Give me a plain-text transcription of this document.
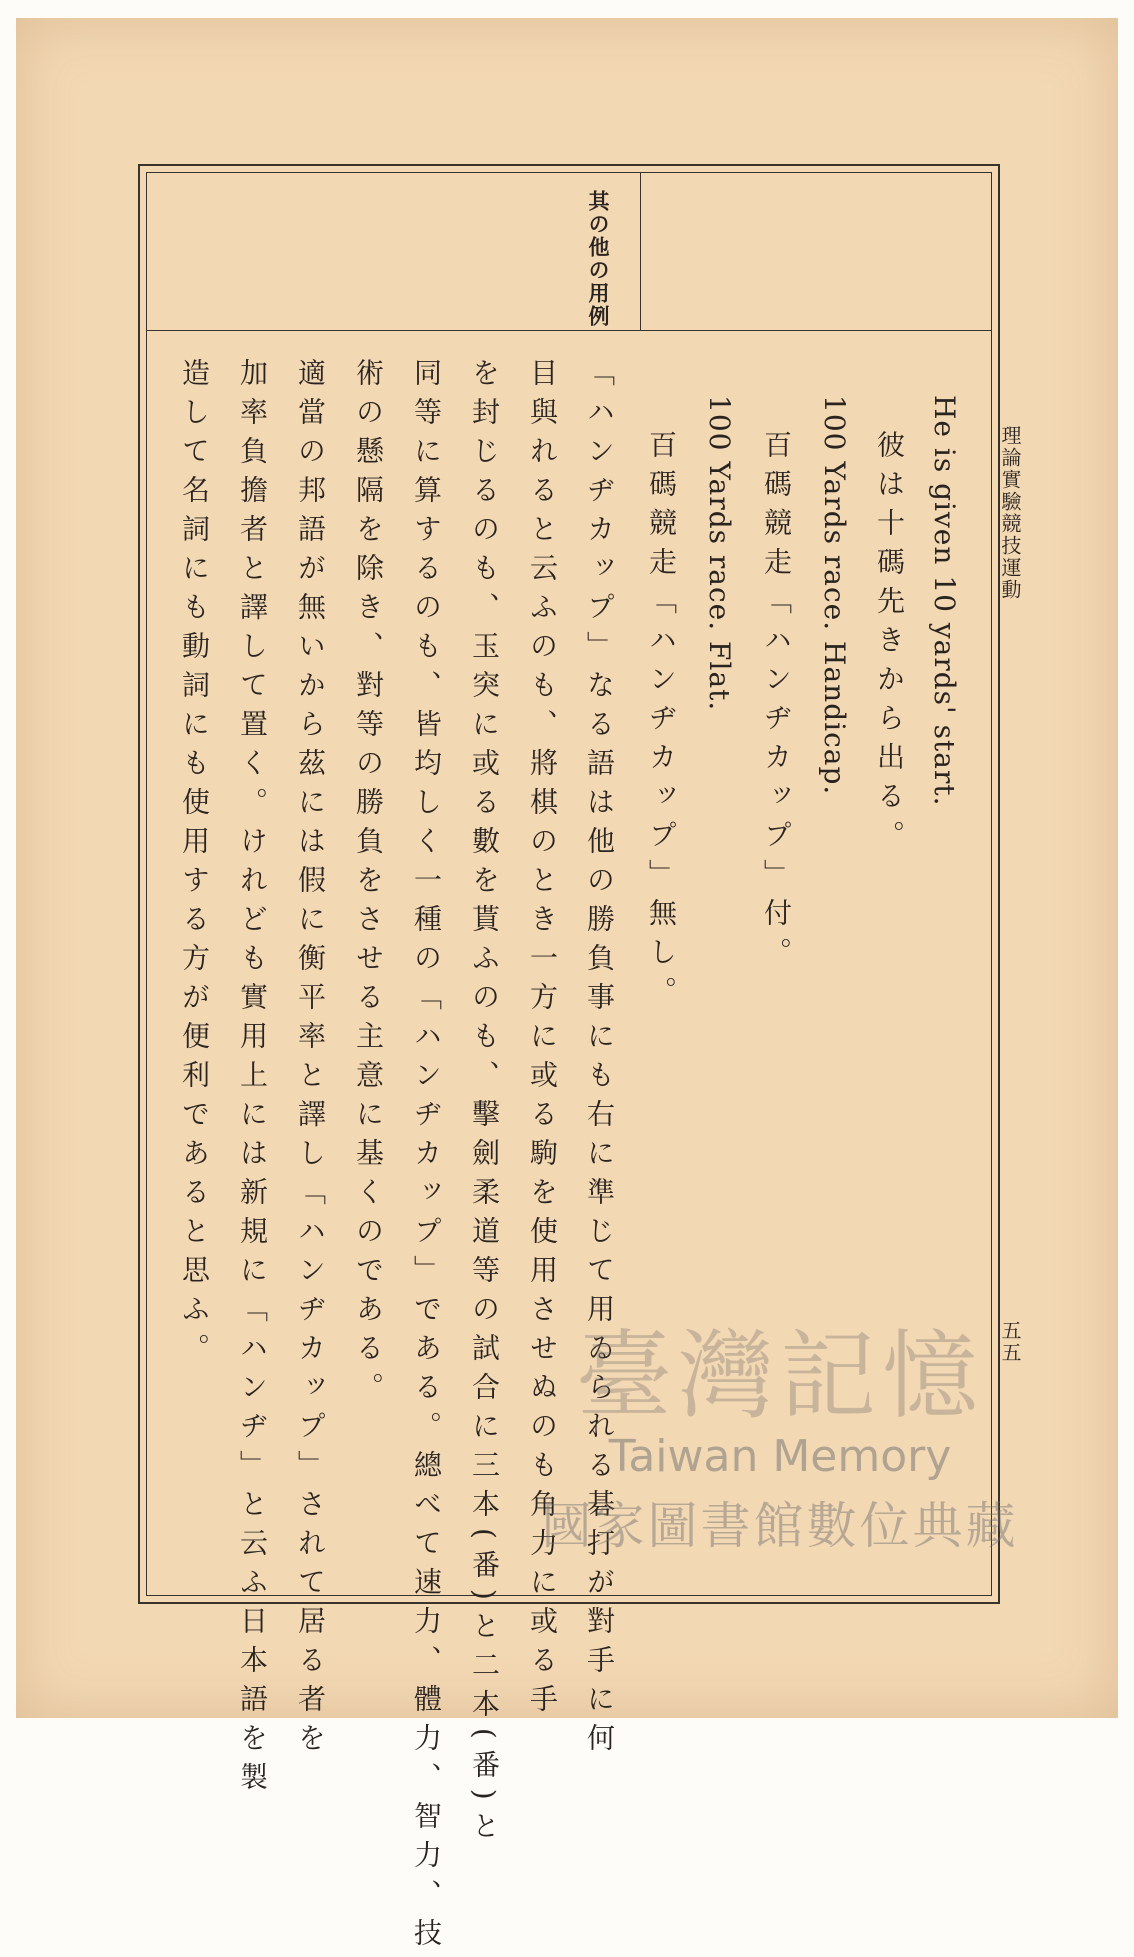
理論實驗競技運動
五五
其の他の用例
He is given 10 yards' start.
彼は十碼先きから出る。
100 Yards race. Handicap.
百碼競走「ハンヂカップ」付。
100 Yards race. Flat.
百碼競走「ハンヂカップ」無し。
「ハンヂカップ」なる語は他の勝負事にも右に準じて用ゐられる碁打が對手に何
目與れると云ふのも、將棋のとき一方に或る駒を使用させぬのも角力に或る手
を封じるのも、玉突に或る數を貰ふのも、擊劍柔道等の試合に三本(番)と二本(番)と
同等に算するのも、皆均しく一種の「ハンヂカップ」である。總べて速力、體力、智力、技
術の懸隔を除き、對等の勝負をさせる主意に基くのである。
適當の邦語が無いから茲には假に衡平率と譯し「ハンヂカップ」されて居る者を
加率負擔者と譯して置く。けれども實用上には新規に「ハンヂ」と云ふ日本語を製
造して名詞にも動詞にも使用する方が便利であると思ふ。
臺灣記憶
Taiwan Memory
國家圖書館數位典藏
